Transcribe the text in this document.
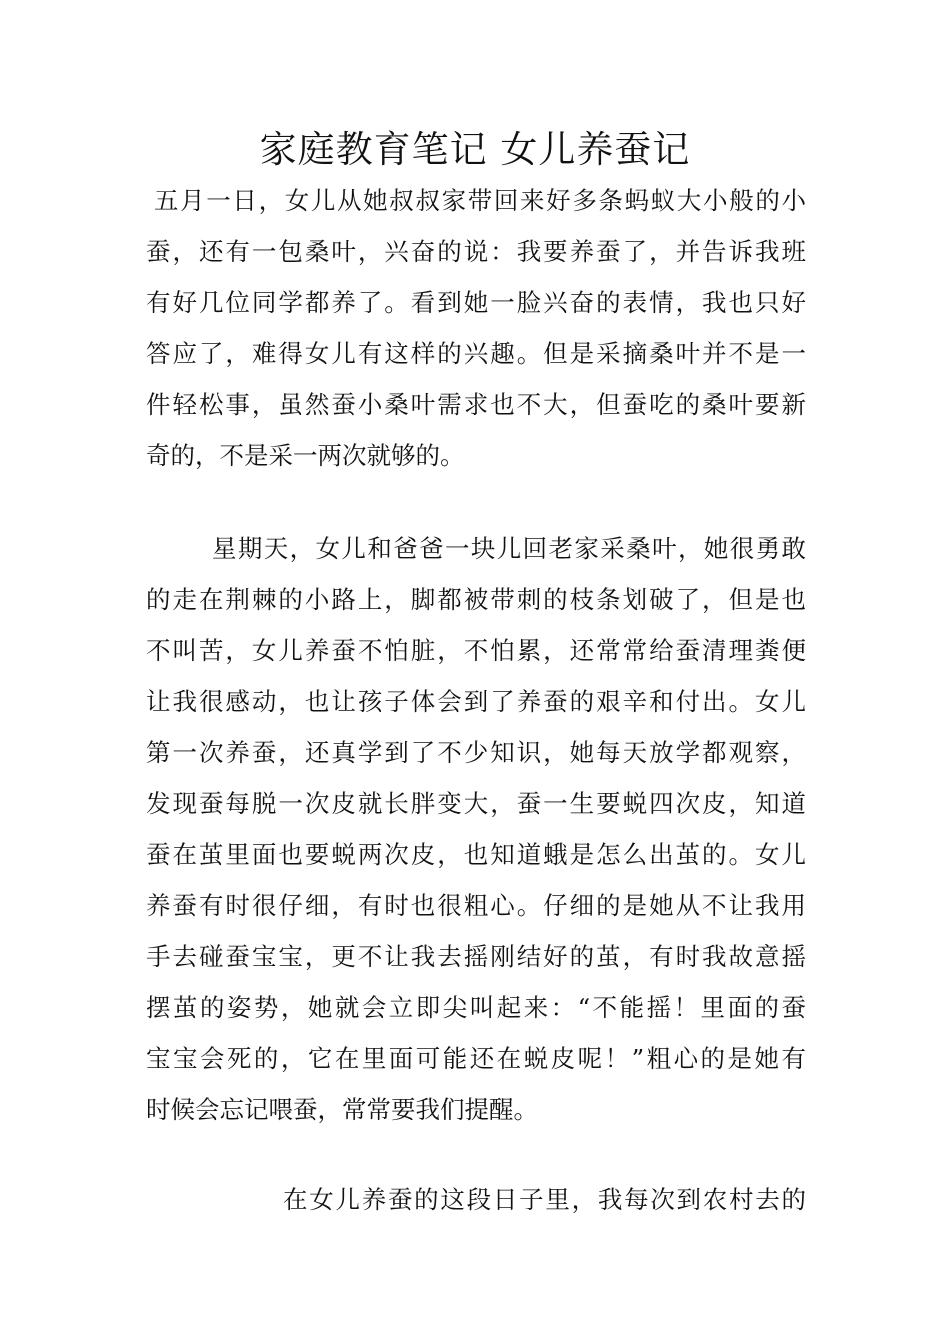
家庭教育笔记 女儿养蚕记
五月一日，女儿从她叔叔家带回来好多条蚂蚁大小般的小
蚕，还有一包桑叶，兴奋的说：我要养蚕了，并告诉我班
有好几位同学都养了。看到她一脸兴奋的表情，我也只好
答应了，难得女儿有这样的兴趣。但是采摘桑叶并不是一
件轻松事，虽然蚕小桑叶需求也不大，但蚕吃的桑叶要新
奇的，不是采一两次就够的。
星期天，女儿和爸爸一块儿回老家采桑叶，她很勇敢
的走在荆棘的小路上，脚都被带刺的枝条划破了，但是也
不叫苦，女儿养蚕不怕脏，不怕累，还常常给蚕清理粪便
让我很感动，也让孩子体会到了养蚕的艰辛和付出。女儿
第一次养蚕，还真学到了不少知识，她每天放学都观察，
发现蚕每脱一次皮就长胖变大，蚕一生要蜕四次皮，知道
蚕在茧里面也要蜕两次皮，也知道蛾是怎么出茧的。女儿
养蚕有时很仔细，有时也很粗心。仔细的是她从不让我用
手去碰蚕宝宝，更不让我去摇刚结好的茧，有时我故意摇
摆茧的姿势，她就会立即尖叫起来：“不能摇！里面的蚕
宝宝会死的，它在里面可能还在蜕皮呢！”粗心的是她有
时候会忘记喂蚕，常常要我们提醒。
在女儿养蚕的这段日子里，我每次到农村去的
